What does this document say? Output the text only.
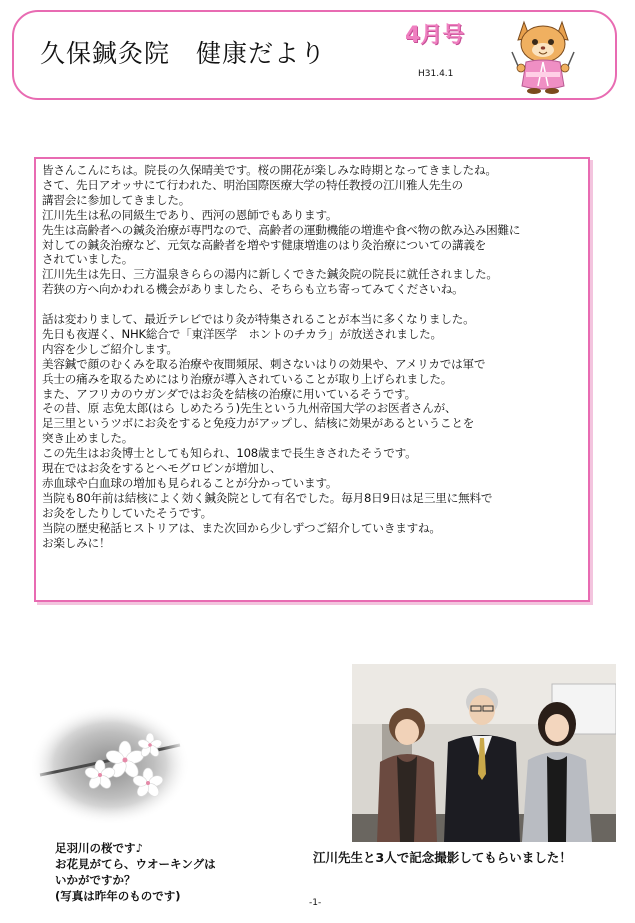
久保鍼灸院　健康だより
4月号
H31.4.1

皆さんこんにちは。院長の久保晴美です。桜の開花が楽しみな時期となってきましたね。

さて、先日アオッサにて行われた、明治国際医療大学の特任教授の江川雅人先生の

講習会に参加してきました。

江川先生は私の同級生であり、西河の恩師でもあります。

先生は高齢者への鍼灸治療が専門なので、高齢者の運動機能の増進や食べ物の飲み込み困難に

対しての鍼灸治療など、元気な高齢者を増やす健康増進のはり灸治療についての講義を

されていました。

江川先生は先日、三方温泉きららの湯内に新しくできた鍼灸院の院長に就任されました。

若狭の方へ向かわれる機会がありましたら、そちらも立ち寄ってみてくださいね。

話は変わりまして、最近テレビではり灸が特集されることが本当に多くなりました。

先日も夜遅く、NHK総合で「東洋医学　ホントのチカラ」が放送されました。

内容を少しご紹介します。

美容鍼で顔のむくみを取る治療や夜間頻尿、刺さないはりの効果や、アメリカでは軍で

兵士の痛みを取るためにはり治療が導入されていることが取り上げられました。

また、アフリカのウガンダではお灸を結核の治療に用いているそうです。

その昔、原 志免太郎(はら しめたろう)先生という九州帝国大学のお医者さんが、

足三里というツボにお灸をすると免疫力がアップし、結核に効果があるということを

突き止めました。

この先生はお灸博士としても知られ、108歳まで長生きされたそうです。

現在ではお灸をするとヘモグロビンが増加し、

赤血球や白血球の増加も見られることが分かっています。

当院も80年前は結核によく効く鍼灸院として有名でした。毎月8日9日は足三里に無料で

お灸をしたりしていたそうです。

当院の歴史秘話ヒストリアは、また次回から少しずつご紹介していきますね。

お楽しみに！

足羽川の桜です♪

お花見がてら、ウオーキングは

いかがですか？

(写真は昨年のものです)

江川先生と3人で記念撮影してもらいました！
-1-
